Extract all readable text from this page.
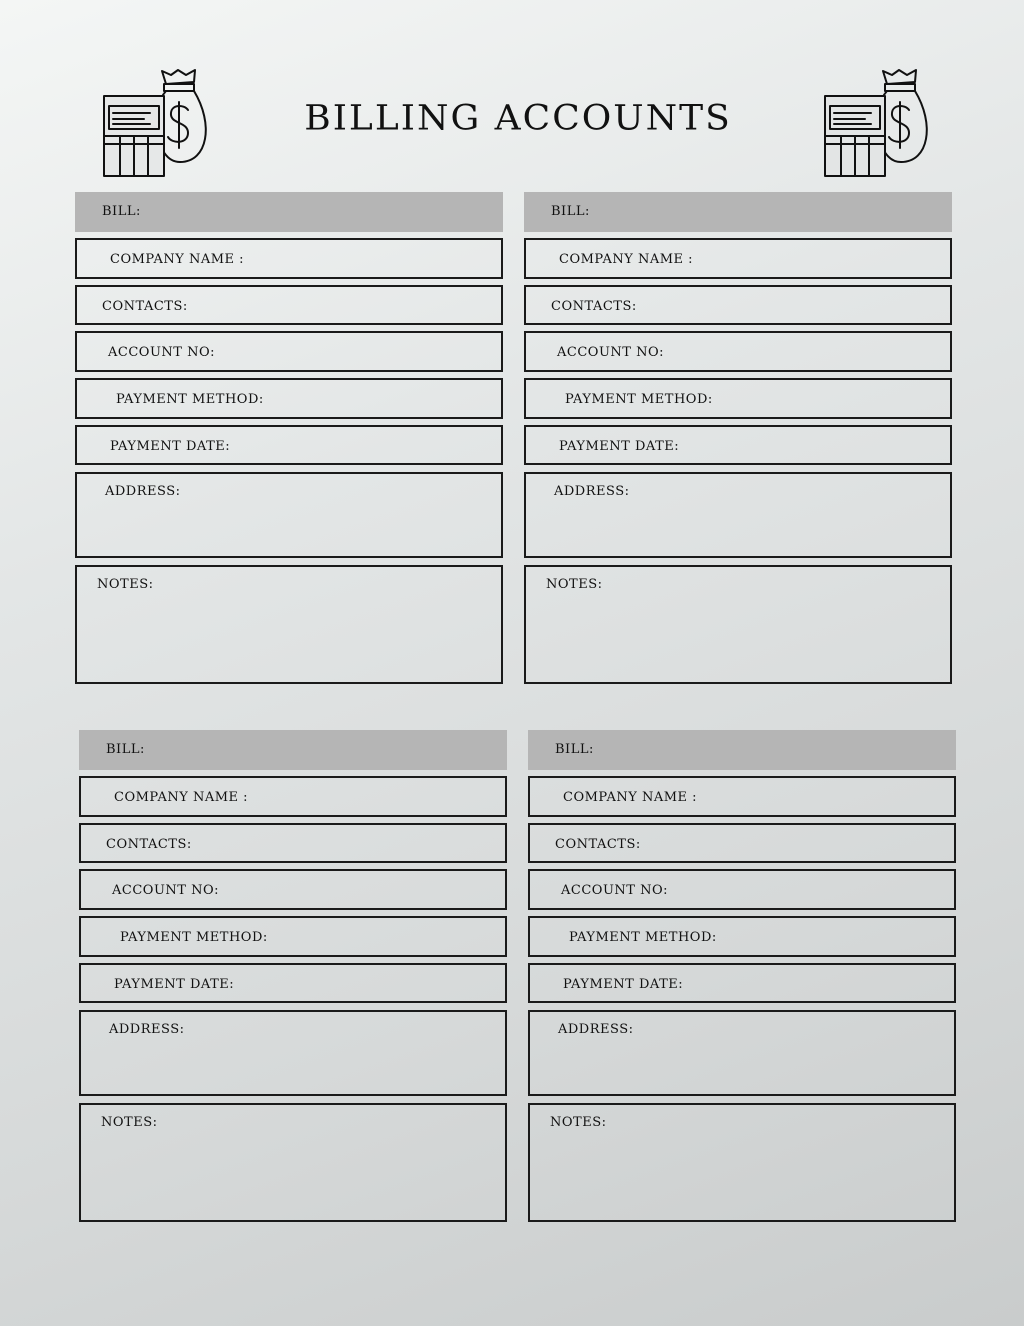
BILLING ACCOUNTS
BILL:
COMPANY NAME :
CONTACTS:
ACCOUNT NO:
PAYMENT METHOD:
PAYMENT DATE:
ADDRESS:
NOTES:
BILL:
COMPANY NAME :
CONTACTS:
ACCOUNT NO:
PAYMENT METHOD:
PAYMENT DATE:
ADDRESS:
NOTES:
BILL:
COMPANY NAME :
CONTACTS:
ACCOUNT NO:
PAYMENT METHOD:
PAYMENT DATE:
ADDRESS:
NOTES:
BILL:
COMPANY NAME :
CONTACTS:
ACCOUNT NO:
PAYMENT METHOD:
PAYMENT DATE:
ADDRESS:
NOTES:
